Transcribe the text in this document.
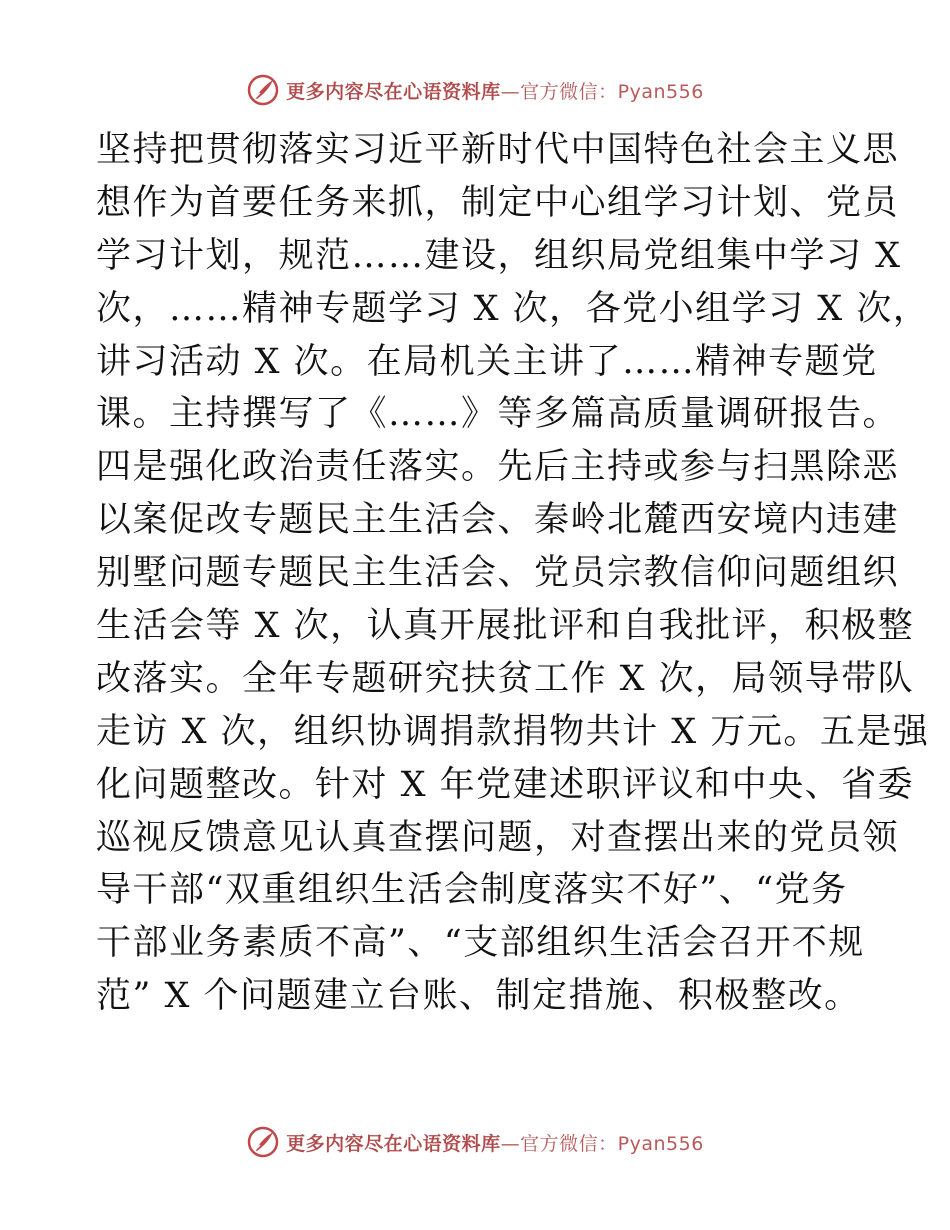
更多内容尽在心语资料库—官方微信：Pyan556
坚持把贯彻落实习近平新时代中国特色社会主义思
想作为首要任务来抓，制定中心组学习计划、党员
学习计划，规范……建设，组织局党组集中学习 X
次，……精神专题学习 X 次，各党小组学习 X 次，
讲习活动 X 次。在局机关主讲了……精神专题党
课。主持撰写了《……》等多篇高质量调研报告。
四是强化政治责任落实。先后主持或参与扫黑除恶
以案促改专题民主生活会、秦岭北麓西安境内违建
别墅问题专题民主生活会、党员宗教信仰问题组织
生活会等 X 次，认真开展批评和自我批评，积极整
改落实。全年专题研究扶贫工作 X 次，局领导带队
走访 X 次，组织协调捐款捐物共计 X 万元。五是强
化问题整改。针对 X 年党建述职评议和中央、省委
巡视反馈意见认真查摆问题，对查摆出来的党员领
导干部“双重组织生活会制度落实不好”、“党务
干部业务素质不高”、“支部组织生活会召开不规
范” X 个问题建立台账、制定措施、积极整改。
更多内容尽在心语资料库—官方微信：Pyan556
